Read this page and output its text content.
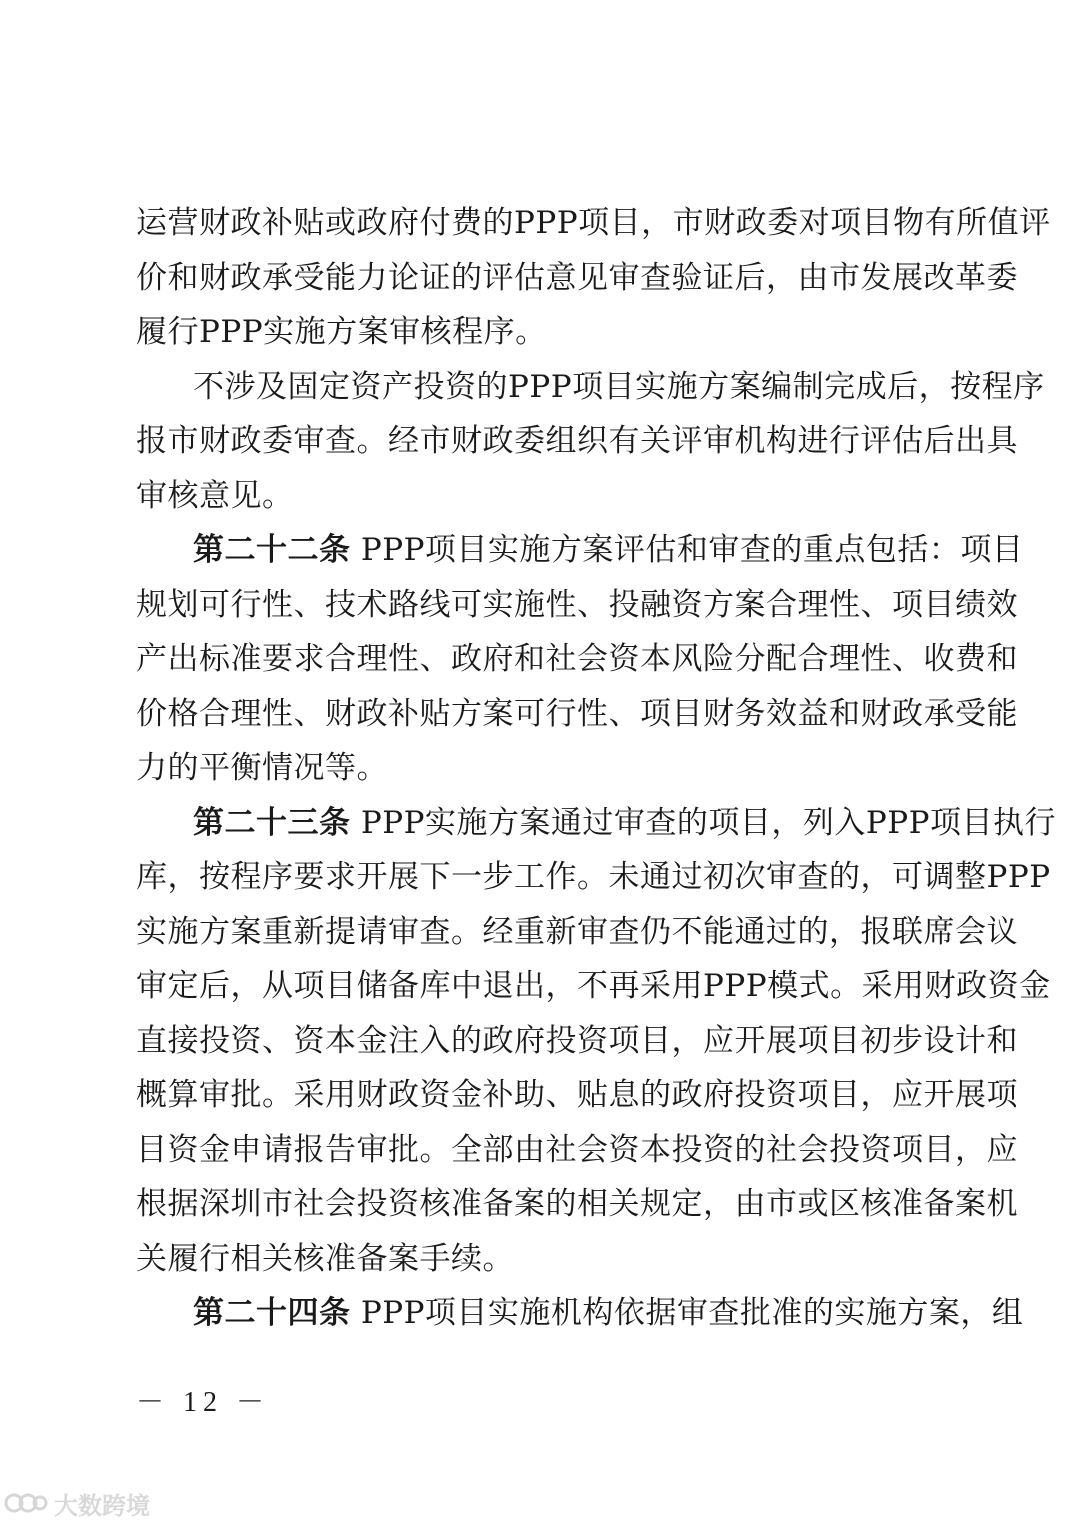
运营财政补贴或政府付费的PPP项目，市财政委对项目物有所值评
价和财政承受能力论证的评估意见审查验证后，由市发展改革委
履行PPP实施方案审核程序。
不涉及固定资产投资的PPP项目实施方案编制完成后，按程序
报市财政委审查。经市财政委组织有关评审机构进行评估后出具
审核意见。
第二十二条 PPP项目实施方案评估和审查的重点包括：项目
规划可行性、技术路线可实施性、投融资方案合理性、项目绩效
产出标准要求合理性、政府和社会资本风险分配合理性、收费和
价格合理性、财政补贴方案可行性、项目财务效益和财政承受能
力的平衡情况等。
第二十三条 PPP实施方案通过审查的项目，列入PPP项目执行
库，按程序要求开展下一步工作。未通过初次审查的，可调整PPP
实施方案重新提请审查。经重新审查仍不能通过的，报联席会议
审定后，从项目储备库中退出，不再采用PPP模式。采用财政资金
直接投资、资本金注入的政府投资项目，应开展项目初步设计和
概算审批。采用财政资金补助、贴息的政府投资项目，应开展项
目资金申请报告审批。全部由社会资本投资的社会投资项目，应
根据深圳市社会投资核准备案的相关规定，由市或区核准备案机
关履行相关核准备案手续。
第二十四条 PPP项目实施机构依据审查批准的实施方案，组
－ 12 －
大数跨境
